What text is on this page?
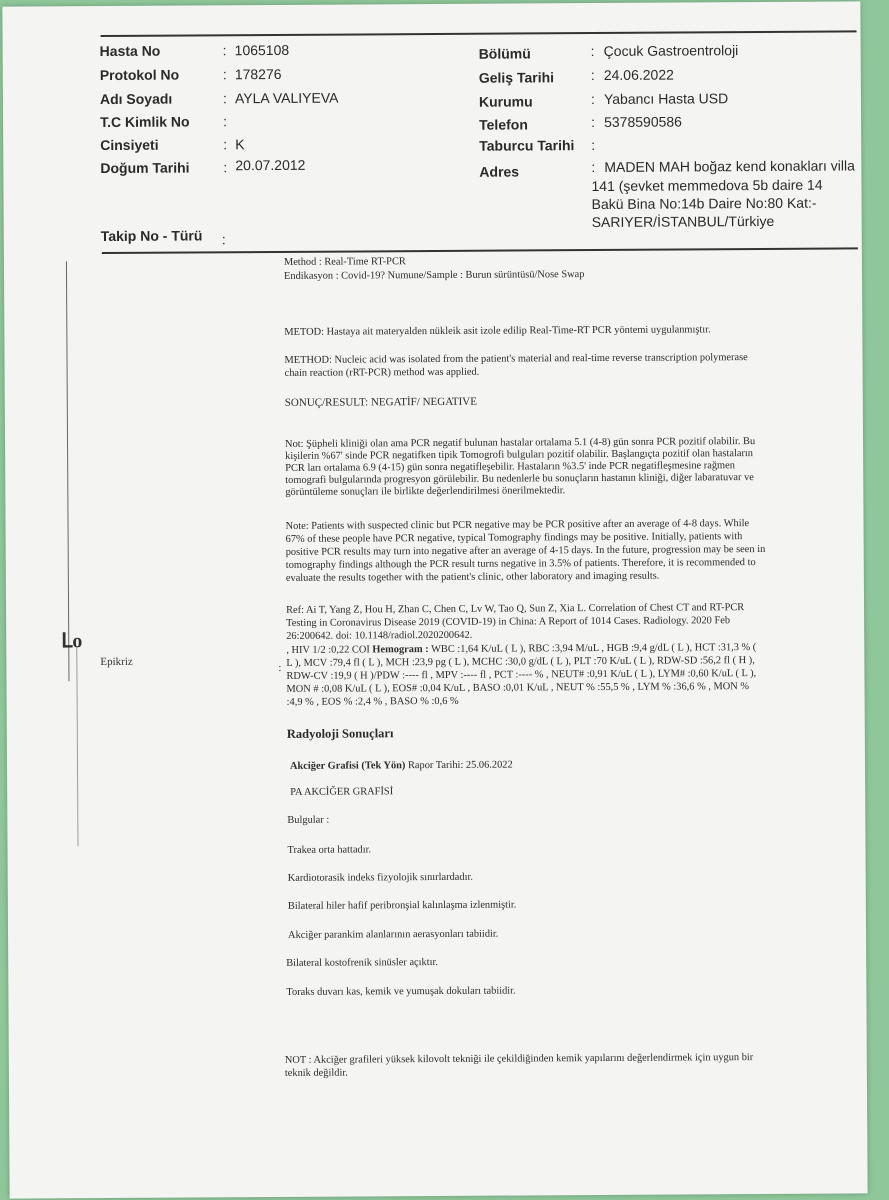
Hasta No	: 1065108
Protokol No	: 178276
Adı Soyadı	: AYLA VALIYEVA
T.C Kimlik No :
Cinsiyeti	: K
Doğum Tarihi : 20.07.2012
Bölümü	: Çocuk Gastroentroloji
Geliş Tarihi	: 24.06.2022
Kurumu	: Yabancı Hasta USD
Telefon	: 5378590586
Taburcu Tarihi :
Adres	: MADEN MAH boğaz kend konakları villa
141 (şevket memmedova 5b daire 14
Bakü Bina No:14b Daire No:80 Kat:-
SARIYER/İSTANBUL/Türkiye
Takip No - Türü :
Method : Real-Time RT-PCR
Endikasyon : Covid-19? Numune/Sample : Burun sürüntüsü/Nose Swap
METOD: Hastaya ait materyalden nükleik asit izole edilip Real-Time-RT PCR yöntemi uygulanmıştır.
METHOD: Nucleic acid was isolated from the patient's material and real-time reverse transcription polymerase
chain reaction (rRT-PCR) method was applied.
SONUÇ/RESULT: NEGATİF/ NEGATIVE
Not: Şüpheli kliniği olan ama PCR negatif bulunan hastalar ortalama 5.1 (4-8) gün sonra PCR pozitif olabilir. Bu
kişilerin %67' sinde PCR negatifken tipik Tomogrofi bulguları pozitif olabilir. Başlangıçta pozitif olan hastaların
PCR ları ortalama 6.9 (4-15) gün sonra negatifleşebilir. Hastaların %3.5' inde PCR negatifleşmesine rağmen
tomografi bulgularında progresyon görülebilir. Bu nedenlerle bu sonuçların hastanın kliniği, diğer labaratuvar ve
görüntüleme sonuçları ile birlikte değerlendirilmesi önerilmektedir.
Note: Patients with suspected clinic but PCR negative may be PCR positive after an average of 4-8 days. While
67% of these people have PCR negative, typical Tomography findings may be positive. Initially, patients with
positive PCR results may turn into negative after an average of 4-15 days. In the future, progression may be seen in
tomography findings although the PCR result turns negative in 3.5% of patients. Therefore, it is recommended to
evaluate the results together with the patient's clinic, other laboratory and imaging results.
Ref: Ai T, Yang Z, Hou H, Zhan C, Chen C, Lv W, Tao Q, Sun Z, Xia L. Correlation of Chest CT and RT-PCR
Testing in Coronavirus Disease 2019 (COVID-19) in China: A Report of 1014 Cases. Radiology. 2020 Feb
26:200642. doi: 10.1148/radiol.2020200642.
ᒪo
Epikriz	:
, HIV 1/2 :0,22 COI Hemogram : WBC :1,64 K/uL ( L ), RBC :3,94 M/uL , HGB :9,4 g/dL ( L ), HCT :31,3 % (
L ), MCV :79,4 fl ( L ), MCH :23,9 pg ( L ), MCHC :30,0 g/dL ( L ), PLT :70 K/uL ( L ), RDW-SD :56,2 fl ( H ),
RDW-CV :19,9 ( H )/PDW :---- fl , MPV :---- fl , PCT :---- % , NEUT# :0,91 K/uL ( L ), LYM# :0,60 K/uL ( L ),
MON # :0,08 K/uL ( L ), EOS# :0,04 K/uL , BASO :0,01 K/uL , NEUT % :55,5 % , LYM % :36,6 % , MON %
:4,9 % , EOS % :2,4 % , BASO % :0,6 %
Radyoloji Sonuçları
Akciğer Grafisi (Tek Yön) Rapor Tarihi: 25.06.2022
PA AKCİĞER GRAFİSİ
Bulgular :
Trakea orta hattadır.
Kardiotorasik indeks fizyolojik sınırlardadır.
Bilateral hiler hafif peribronşial kalınlaşma izlenmiştir.
Akciğer parankim alanlarının aerasyonları tabiidir.
Bilateral kostofrenik sinüsler açıktır.
Toraks duvarı kas, kemik ve yumuşak dokuları tabiidir.
NOT : Akciğer grafileri yüksek kilovolt tekniği ile çekildiğinden kemik yapılarını değerlendirmek için uygun bir
teknik değildir.
